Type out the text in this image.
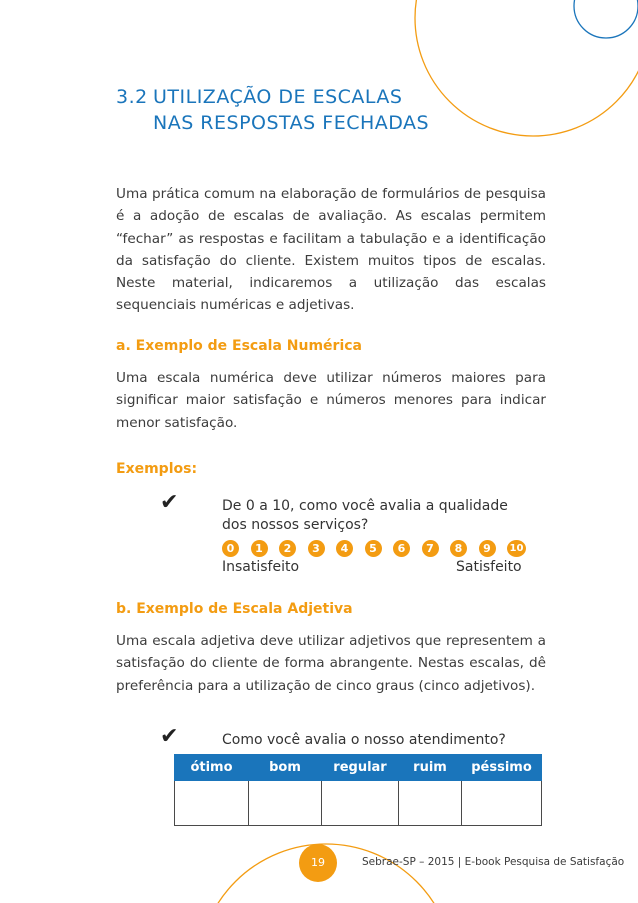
3.2 UTILIZAÇÃO DE ESCALAS
NAS RESPOSTAS FECHADAS
Uma prática comum na elaboração de formulários de pesquisa é a adoção de escalas de avaliação. As escalas permitem “fechar” as respostas e facilitam a tabulação e a identificação da satisfação do cliente. Existem muitos tipos de escalas. Neste material, indicaremos a utilização das escalas sequenciais numéricas e adjetivas.
a. Exemplo de Escala Numérica
Uma escala numérica deve utilizar números maiores para significar maior satisfação e números menores para indicar menor satisfação.
Exemplos:
✔	De 0 a 10, como você avalia a qualidade
dos nossos serviços?
0	1	2	3	4	5	6	7	8	9	10
Insatisfeito	Satisfeito
b. Exemplo de Escala Adjetiva
Uma escala adjetiva deve utilizar adjetivos que representem a satisfação do cliente de forma abrangente. Nestas escalas, dê preferência para a utilização de cinco graus (cinco adjetivos).
✔	Como você avalia o nosso atendimento?
ótimo	bom	regular	ruim	péssimo

19	Sebrae-SP – 2015 | E-book Pesquisa de Satisfação
